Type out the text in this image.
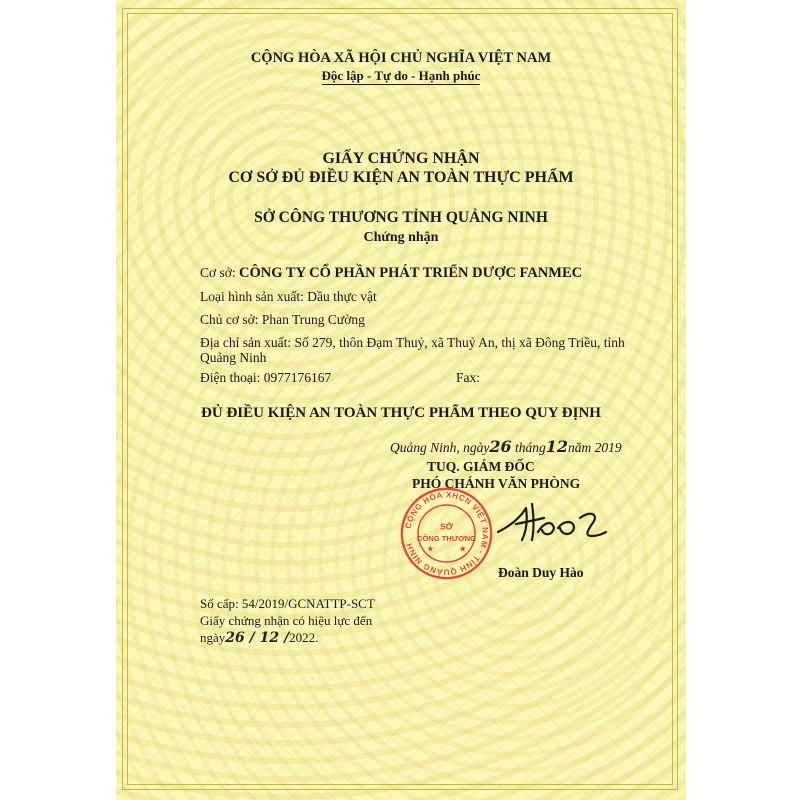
CỘNG HÒA XÃ HỘI CHỦ NGHĨA VIỆT NAM
Độc lập - Tự do - Hạnh phúc
GIẤY CHỨNG NHẬN
CƠ SỞ ĐỦ ĐIỀU KIỆN AN TOÀN THỰC PHẨM
SỞ CÔNG THƯƠNG TỈNH QUẢNG NINH
Chứng nhận
Cơ sở: CÔNG TY CỔ PHẦN PHÁT TRIỂN DƯỢC FANMEC
Loại hình sản xuất: Dầu thực vật
Chủ cơ sở: Phan Trung Cường
Địa chỉ sản xuất: Số 279, thôn Đạm Thuỷ, xã Thuỷ An, thị xã Đông Triều, tỉnh
Quảng Ninh
Điện thoại: 0977176167	Fax:
ĐỦ ĐIỀU KIỆN AN TOÀN THỰC PHẨM THEO QUY ĐỊNH
Quảng Ninh, ngày26 tháng12năm 2019
TUQ. GIÁM ĐỐC
PHÓ CHÁNH VĂN PHÒNG
CỘNG HÒA XHCN VIỆT NAM · TỈNH QUẢNG NINH
SỞ
CÔNG THƯƠNG
★	★
Đoàn Duy Hào
Số cấp: 54/2019/GCNATTP-SCT
Giấy chứng nhận có hiệu lực đến
ngày26 / 12 /2022.
